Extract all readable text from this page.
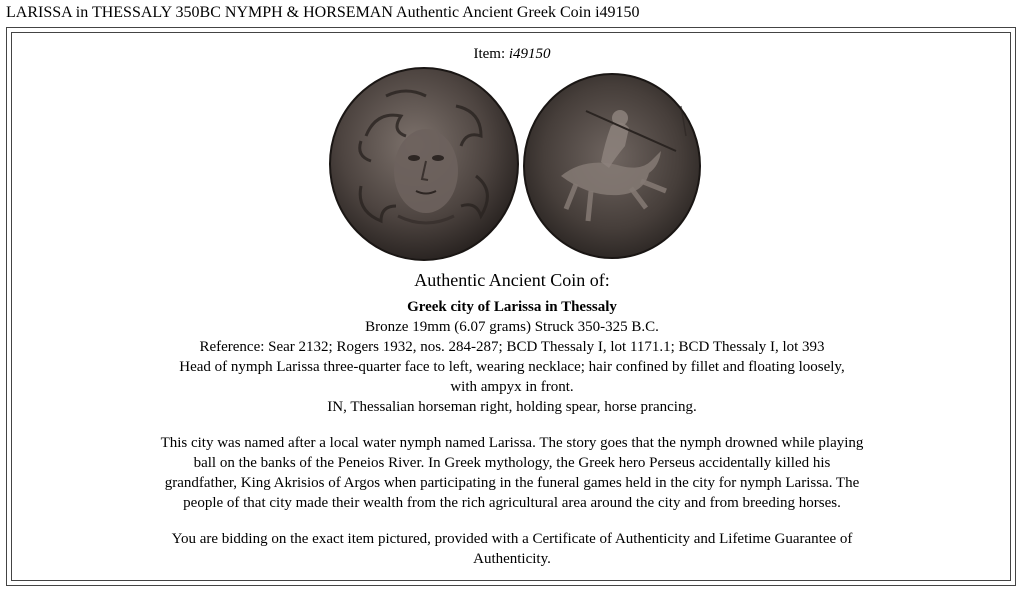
LARISSA in THESSALY 350BC NYMPH & HORSEMAN Authentic Ancient Greek Coin i49150
Item: i49150
Authentic Ancient Coin of:
Greek city of Larissa in Thessaly
Bronze 19mm (6.07 grams) Struck 350-325 B.C.
Reference: Sear 2132; Rogers 1932, nos. 284-287; BCD Thessaly I, lot 1171.1; BCD Thessaly I, lot 393
Head of nymph Larissa three-quarter face to left, wearing necklace; hair confined by fillet and floating loosely,
with ampyx in front.
IN, Thessalian horseman right, holding spear, horse prancing.
This city was named after a local water nymph named Larissa. The story goes that the nymph drowned while playing ball on the banks of the Peneios River. In Greek mythology, the Greek hero Perseus accidentally killed his grandfather, King Akrisios of Argos when participating in the funeral games held in the city for nymph Larissa. The people of that city made their wealth from the rich agricultural area around the city and from breeding horses.
You are bidding on the exact item pictured, provided with a Certificate of Authenticity and Lifetime Guarantee of Authenticity.
